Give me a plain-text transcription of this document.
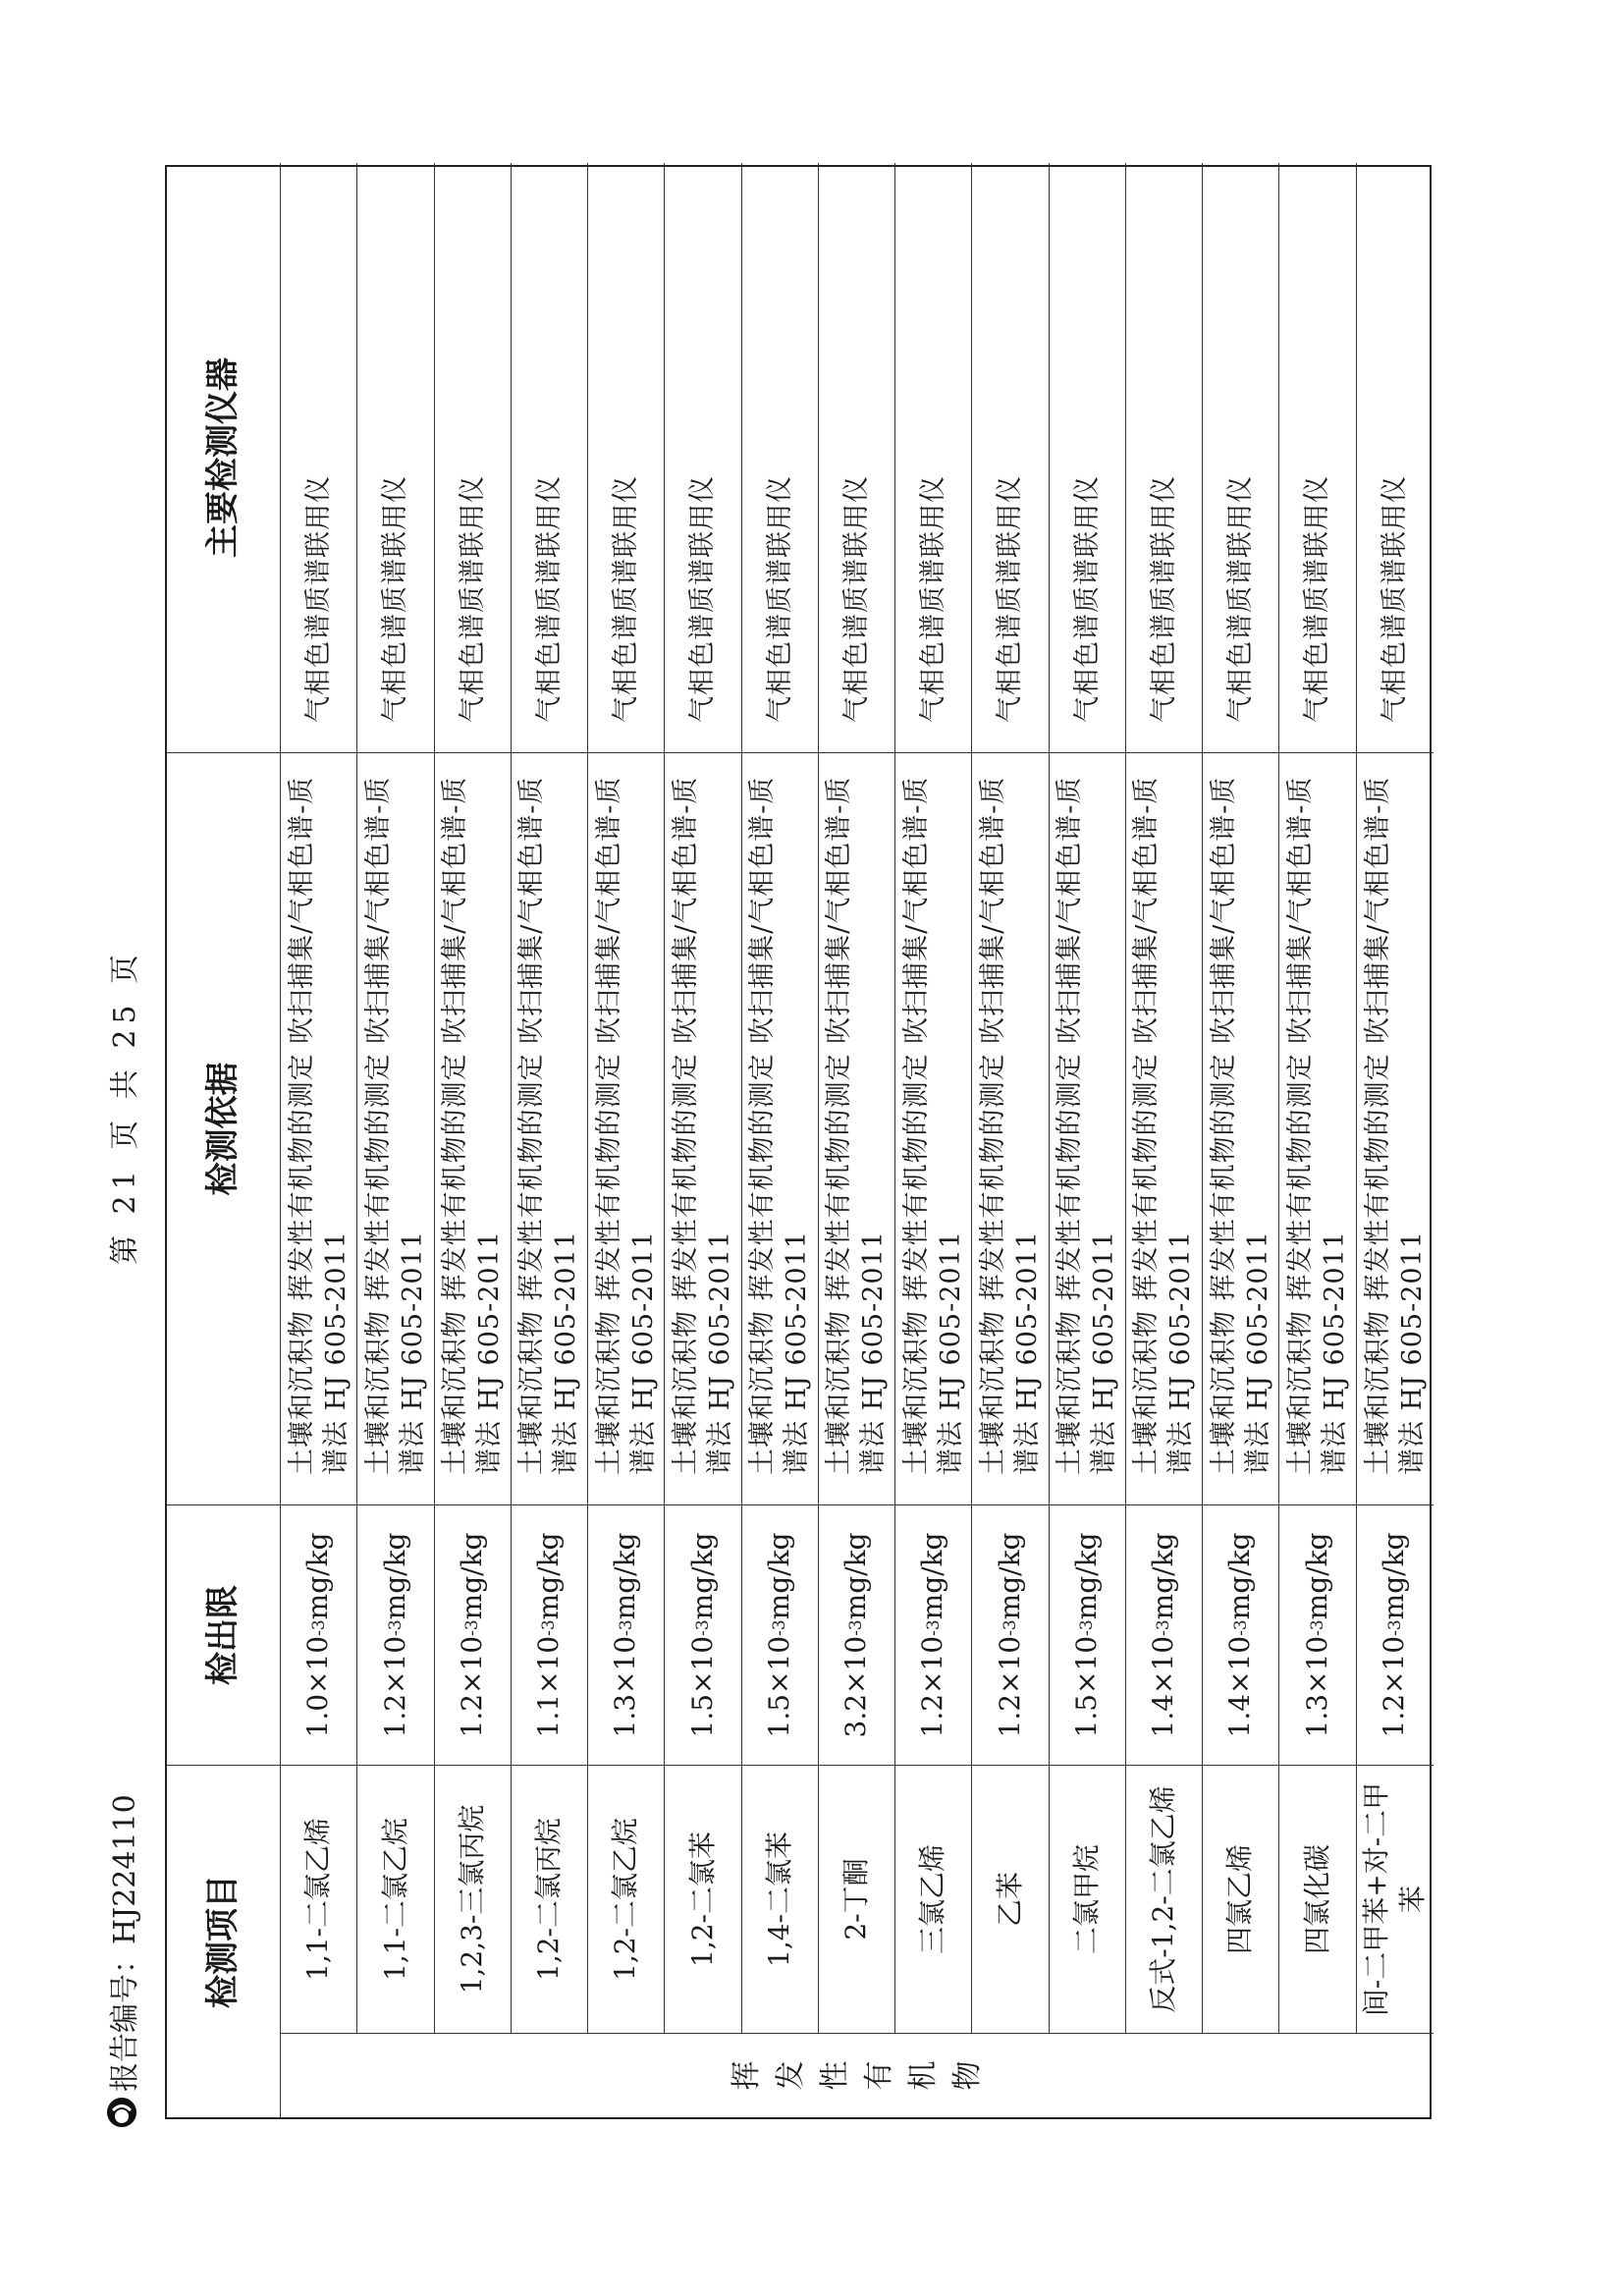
报告编号：HJ224110
第 21 页 共 25 页
检测项目
检出限
检测依据
主要检测仪器
挥发性有机物
1,1-二氯乙烯
1.0×10
-3
mg/kg
土壤和沉积物 挥发性有机物的测定 吹扫捕集/气相色谱-质谱法 HJ 605-2011
气相色谱质谱联用仪
1,1-二氯乙烷
1.2×10
-3
mg/kg
土壤和沉积物 挥发性有机物的测定 吹扫捕集/气相色谱-质谱法 HJ 605-2011
气相色谱质谱联用仪
1,2,3-三氯丙烷
1.2×10
-3
mg/kg
土壤和沉积物 挥发性有机物的测定 吹扫捕集/气相色谱-质谱法 HJ 605-2011
气相色谱质谱联用仪
1,2-二氯丙烷
1.1×10
-3
mg/kg
土壤和沉积物 挥发性有机物的测定 吹扫捕集/气相色谱-质谱法 HJ 605-2011
气相色谱质谱联用仪
1,2-二氯乙烷
1.3×10
-3
mg/kg
土壤和沉积物 挥发性有机物的测定 吹扫捕集/气相色谱-质谱法 HJ 605-2011
气相色谱质谱联用仪
1,2-二氯苯
1.5×10
-3
mg/kg
土壤和沉积物 挥发性有机物的测定 吹扫捕集/气相色谱-质谱法 HJ 605-2011
气相色谱质谱联用仪
1,4-二氯苯
1.5×10
-3
mg/kg
土壤和沉积物 挥发性有机物的测定 吹扫捕集/气相色谱-质谱法 HJ 605-2011
气相色谱质谱联用仪
2-丁酮
3.2×10
-3
mg/kg
土壤和沉积物 挥发性有机物的测定 吹扫捕集/气相色谱-质谱法 HJ 605-2011
气相色谱质谱联用仪
三氯乙烯
1.2×10
-3
mg/kg
土壤和沉积物 挥发性有机物的测定 吹扫捕集/气相色谱-质谱法 HJ 605-2011
气相色谱质谱联用仪
乙苯
1.2×10
-3
mg/kg
土壤和沉积物 挥发性有机物的测定 吹扫捕集/气相色谱-质谱法 HJ 605-2011
气相色谱质谱联用仪
二氯甲烷
1.5×10
-3
mg/kg
土壤和沉积物 挥发性有机物的测定 吹扫捕集/气相色谱-质谱法 HJ 605-2011
气相色谱质谱联用仪
反式-1,2-二氯乙烯
1.4×10
-3
mg/kg
土壤和沉积物 挥发性有机物的测定 吹扫捕集/气相色谱-质谱法 HJ 605-2011
气相色谱质谱联用仪
四氯乙烯
1.4×10
-3
mg/kg
土壤和沉积物 挥发性有机物的测定 吹扫捕集/气相色谱-质谱法 HJ 605-2011
气相色谱质谱联用仪
四氯化碳
1.3×10
-3
mg/kg
土壤和沉积物 挥发性有机物的测定 吹扫捕集/气相色谱-质谱法 HJ 605-2011
气相色谱质谱联用仪
间-二甲苯+对-二甲苯
1.2×10
-3
mg/kg
土壤和沉积物 挥发性有机物的测定 吹扫捕集/气相色谱-质谱法 HJ 605-2011
气相色谱质谱联用仪
